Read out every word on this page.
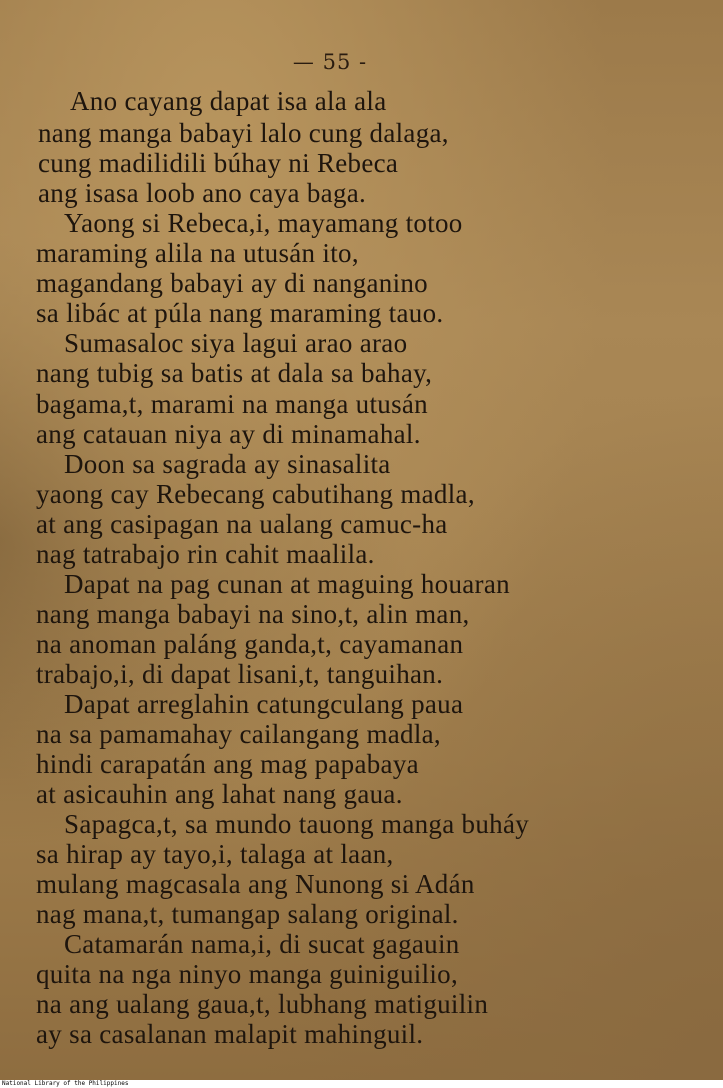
— 55 -
Ano cayang dapat isa ala ala
nang manga babayi lalo cung dalaga,
cung madilidili búhay ni Rebeca
ang isasa loob ano caya baga.
Yaong si Rebeca,i, mayamang totoo
maraming alila na utusán ito,
magandang babayi ay di nanganino
sa libác at púla nang maraming tauo.
Sumasaloc siya lagui arao arao
nang tubig sa batis at dala sa bahay,
bagama,t, marami na manga utusán
ang catauan niya ay di minamahal.
Doon sa sagrada ay sinasalita
yaong cay Rebecang cabutihang madla,
at ang casipagan na ualang camuc-ha
nag tatrabajo rin cahit maalila.
Dapat na pag cunan at maguing houaran
nang manga babayi na sino,t, alin man,
na anoman paláng ganda,t, cayamanan
trabajo,i, di dapat lisani,t, tanguihan.
Dapat arreglahin catungculang paua
na sa pamamahay cailangang madla,
hindi carapatán ang mag papabaya
at asicauhin ang lahat nang gaua.
Sapagca,t, sa mundo tauong manga buháy
sa hirap ay tayo,i, talaga at laan,
mulang magcasala ang Nunong si Adán
nag mana,t, tumangap salang original.
Catamarán nama,i, di sucat gagauin
quita na nga ninyo manga guiniguilio,
na ang ualang gaua,t, lubhang matiguilin
ay sa casalanan malapit mahinguil.
National Library of the Philippines
